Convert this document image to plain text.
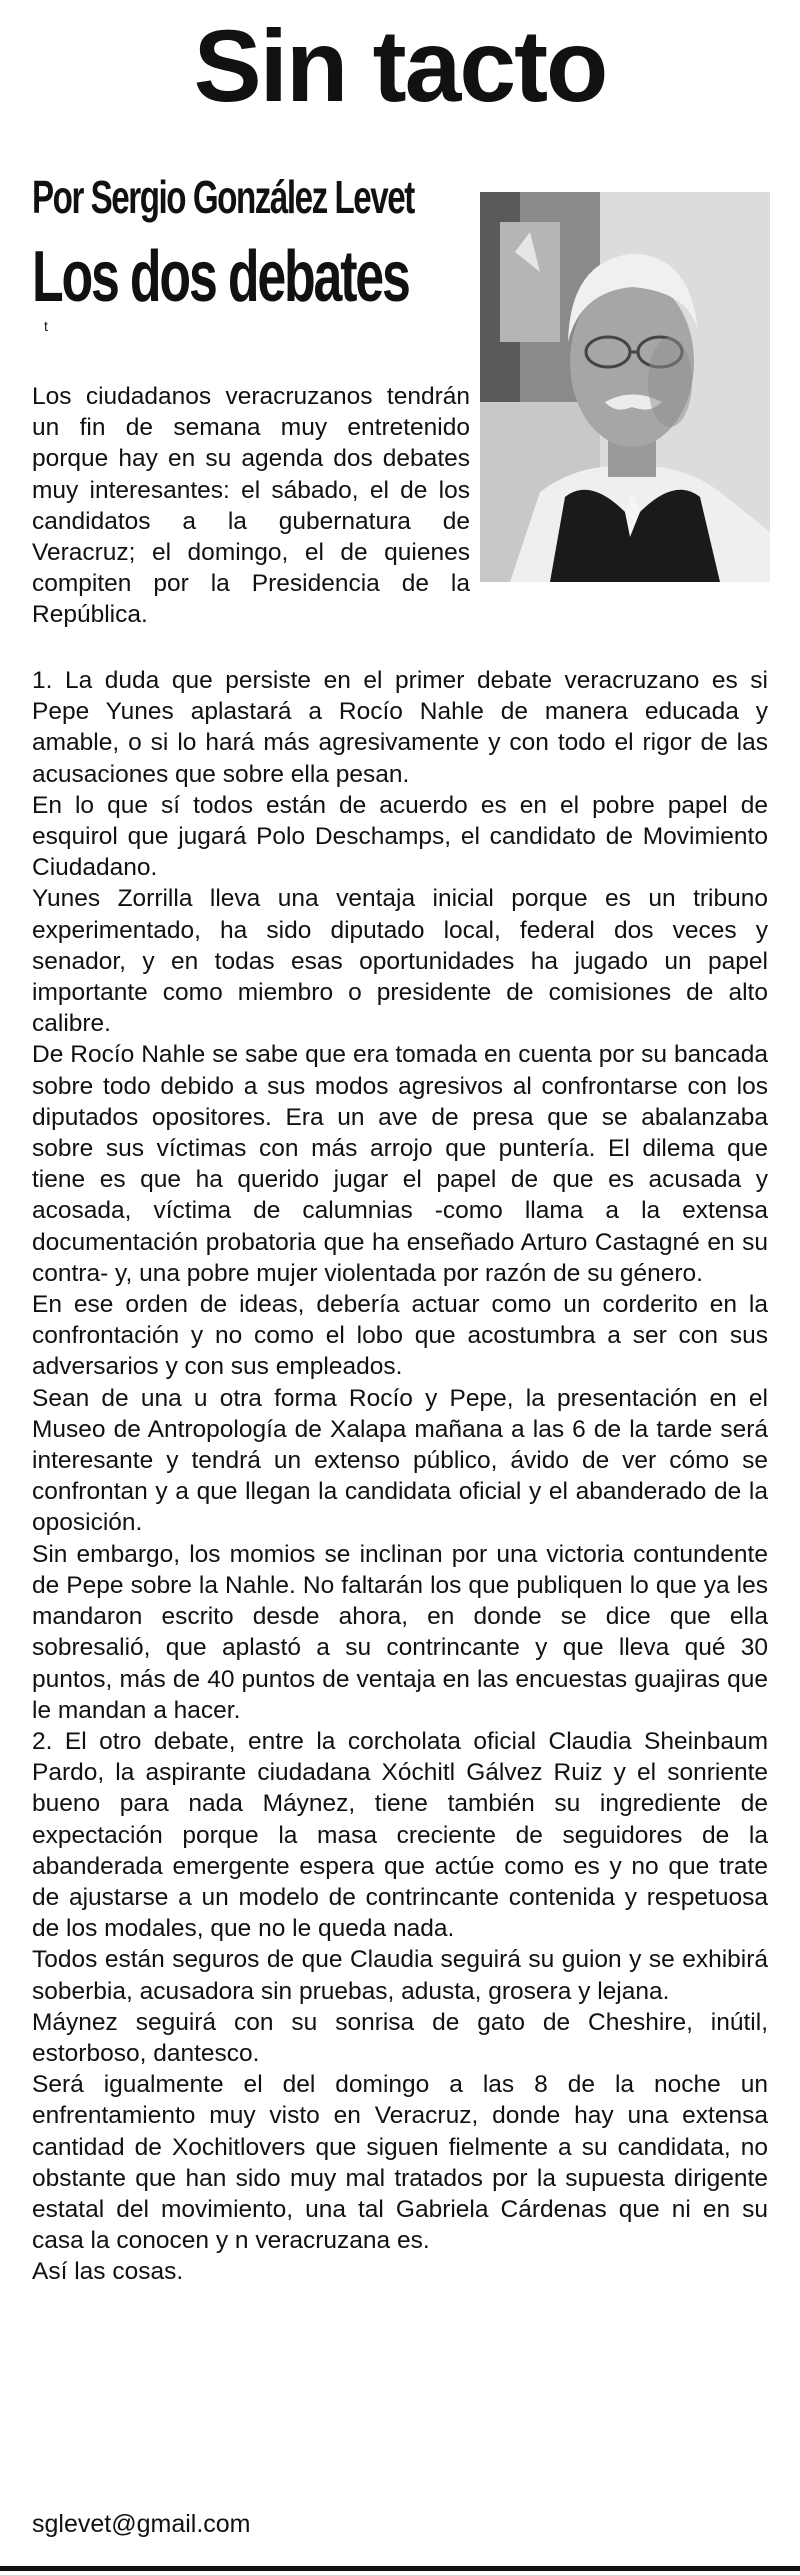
Sin tacto
Por Sergio González Levet
Los dos debates
t

Los ciudadanos veracruzanos tendrán un fin de semana muy entretenido porque hay en su agenda dos debates muy interesantes: el sábado, el de los candidatos a la gubernatura de Veracruz; el domingo, el de quienes compiten por la Presidencia de la República.

1. La duda que persiste en el primer debate veracruzano es si Pepe Yunes aplastará a Rocío Nahle de manera educada y amable, o si lo hará más agresivamente y con todo el rigor de las acusaciones que sobre ella pesan.

En lo que sí todos están de acuerdo es en el pobre papel de esquirol que jugará Polo Deschamps, el candidato de Movimiento Ciudadano.

Yunes Zorrilla lleva una ventaja inicial porque es un tribuno experimentado, ha sido diputado local, federal dos veces y senador, y en todas esas oportunidades ha jugado un papel importante como miembro o presidente de comisiones de alto calibre.

De Rocío Nahle se sabe que era tomada en cuenta por su bancada sobre todo debido a sus modos agresivos al confrontarse con los diputados opositores. Era un ave de presa que se abalanzaba sobre sus víctimas con más arrojo que puntería. El dilema que tiene es que ha querido jugar el papel de que es acusada y acosada, víctima de calumnias -como llama a la extensa documentación probatoria que ha enseñado Arturo Castagné en su contra- y, una pobre mujer violentada por razón de su género.

En ese orden de ideas, debería actuar como un corderito en la confrontación y no como el lobo que acostumbra a ser con sus adversarios y con sus empleados.

Sean de una u otra forma Rocío y Pepe, la presentación en el Museo de Antropología de Xalapa mañana a las 6 de la tarde será interesante y tendrá un extenso público, ávido de ver cómo se confrontan y a que llegan la candidata oficial y el abanderado de la oposición.

Sin embargo, los momios se inclinan por una victoria contundente de Pepe sobre la Nahle. No faltarán los que publiquen lo que ya les mandaron escrito desde ahora, en donde se dice que ella sobresalió, que aplastó a su contrincante y que lleva qué 30 puntos, más de 40 puntos de ventaja en las encuestas guajiras que le mandan a hacer.

2. El otro debate, entre la corcholata oficial Claudia Sheinbaum Pardo, la aspirante ciudadana Xóchitl Gálvez Ruiz y el sonriente bueno para nada Máynez, tiene también su ingrediente de expectación porque la masa creciente de seguidores de la abanderada emergente espera que actúe como es y no que trate de ajustarse a un modelo de contrincante contenida y respetuosa de los modales, que no le queda nada.

Todos están seguros de que Claudia seguirá su guion y se exhibirá soberbia, acusadora sin pruebas, adusta, grosera y lejana.

Máynez seguirá con su sonrisa de gato de Cheshire, inútil, estorboso, dantesco.

Será igualmente el del domingo a las 8 de la noche un enfrentamiento muy visto en Veracruz, donde hay una extensa cantidad de Xochitlovers que siguen fielmente a su candidata, no obstante que han sido muy mal tratados por la supuesta dirigente estatal del movimiento, una tal Gabriela Cárdenas que ni en su casa la conocen y n veracruzana es.

Así las cosas.

sglevet@gmail.com
